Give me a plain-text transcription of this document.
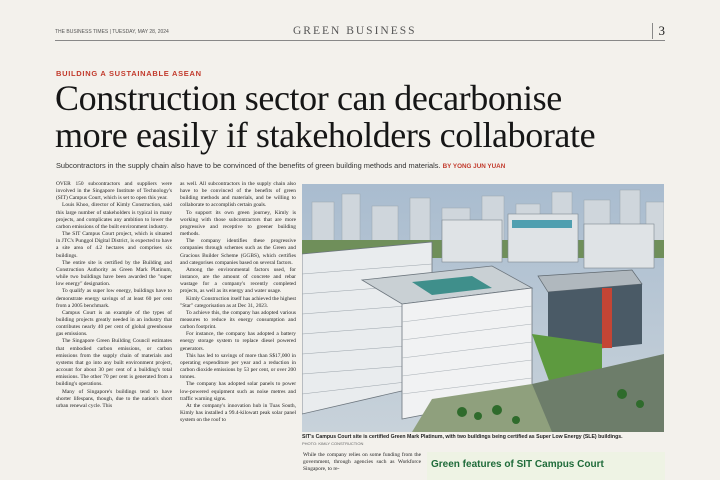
THE BUSINESS TIMES | TUESDAY, MAY 28, 2024	GREEN BUSINESS	3
BUILDING A SUSTAINABLE ASEAN
Construction sector can decarbonise
more easily if stakeholders collaborate
Subcontractors in the supply chain also have to be convinced of the benefits of green building methods and materials. BY YONG JUN YUAN

OVER 150 subcontractors and suppliers were involved in the Singapore Institute of Technology's (SIT) Campus Court, which is set to open this year.

Louis Khoo, director of Kimly Construction, said this large number of stakeholders is typical in many projects, and complicates any ambition to lower the carbon emissions of the built environment industry.

The SIT Campus Court project, which is situated in JTC's Punggol Digital District, is expected to have a site area of 4.2 hectares and comprises six buildings.

The entire site is certified by the Building and Construction Authority as Green Mark Platinum, while two buildings have been awarded the "super low energy" designation.

To qualify as super low energy, buildings have to demonstrate energy savings of at least 60 per cent from a 2005 benchmark.

Campus Court is an example of the types of building projects greatly needed in an industry that contributes nearly 40 per cent of global greenhouse gas emissions.

The Singapore Green Building Council estimates that embodied carbon emissions, or carbon emissions from the supply chain of materials and systems that go into any built environment project, account for about 30 per cent of a building's total emissions. The other 70 per cent is generated from a building's operations.

Many of Singapore's buildings tend to have shorter lifespans, though, due to the nation's short urban renewal cycle. This

as well. All subcontractors in the supply chain also have to be convinced of the benefits of green building methods and materials, and be willing to collaborate to accomplish certain goals.

To support its own green journey, Kimly is working with those subcontractors that are more progressive and receptive to greener building methods.

The company identifies these progressive companies through schemes such as the Green and Gracious Builder Scheme (GGBS), which certifies and categorises companies based on several factors.

Among the environmental factors used, for instance, are the amount of concrete and rebar wastage for a company's recently completed projects, as well as its energy and water usage.

Kimly Construction itself has achieved the highest "Star" categorisation as at Dec 31, 2023.

To achieve this, the company has adopted various measures to reduce its energy consumption and carbon footprint.

For instance, the company has adopted a battery energy storage system to replace diesel powered generators.

This has led to savings of more than S$17,000 in operating expenditure per year and a reduction in carbon dioxide emissions by 53 per cent, or over 200 tonnes.

The company has adopted solar panels to power low-powered equipment such as noise metres and traffic warning signs.

At the company's innovation hub in Tuas South, Kimly has installed a 99.4-kilowatt peak solar panel system on the roof to

SIT's Campus Court site is certified Green Mark Platinum, with two buildings being certified as Super Low Energy (SLE) buildings.
PHOTO: KIMLY CONSTRUCTION

While the company relies on some funding from the government, through agencies such as Workforce Singapore, to re-	Green features of SIT Campus Court
